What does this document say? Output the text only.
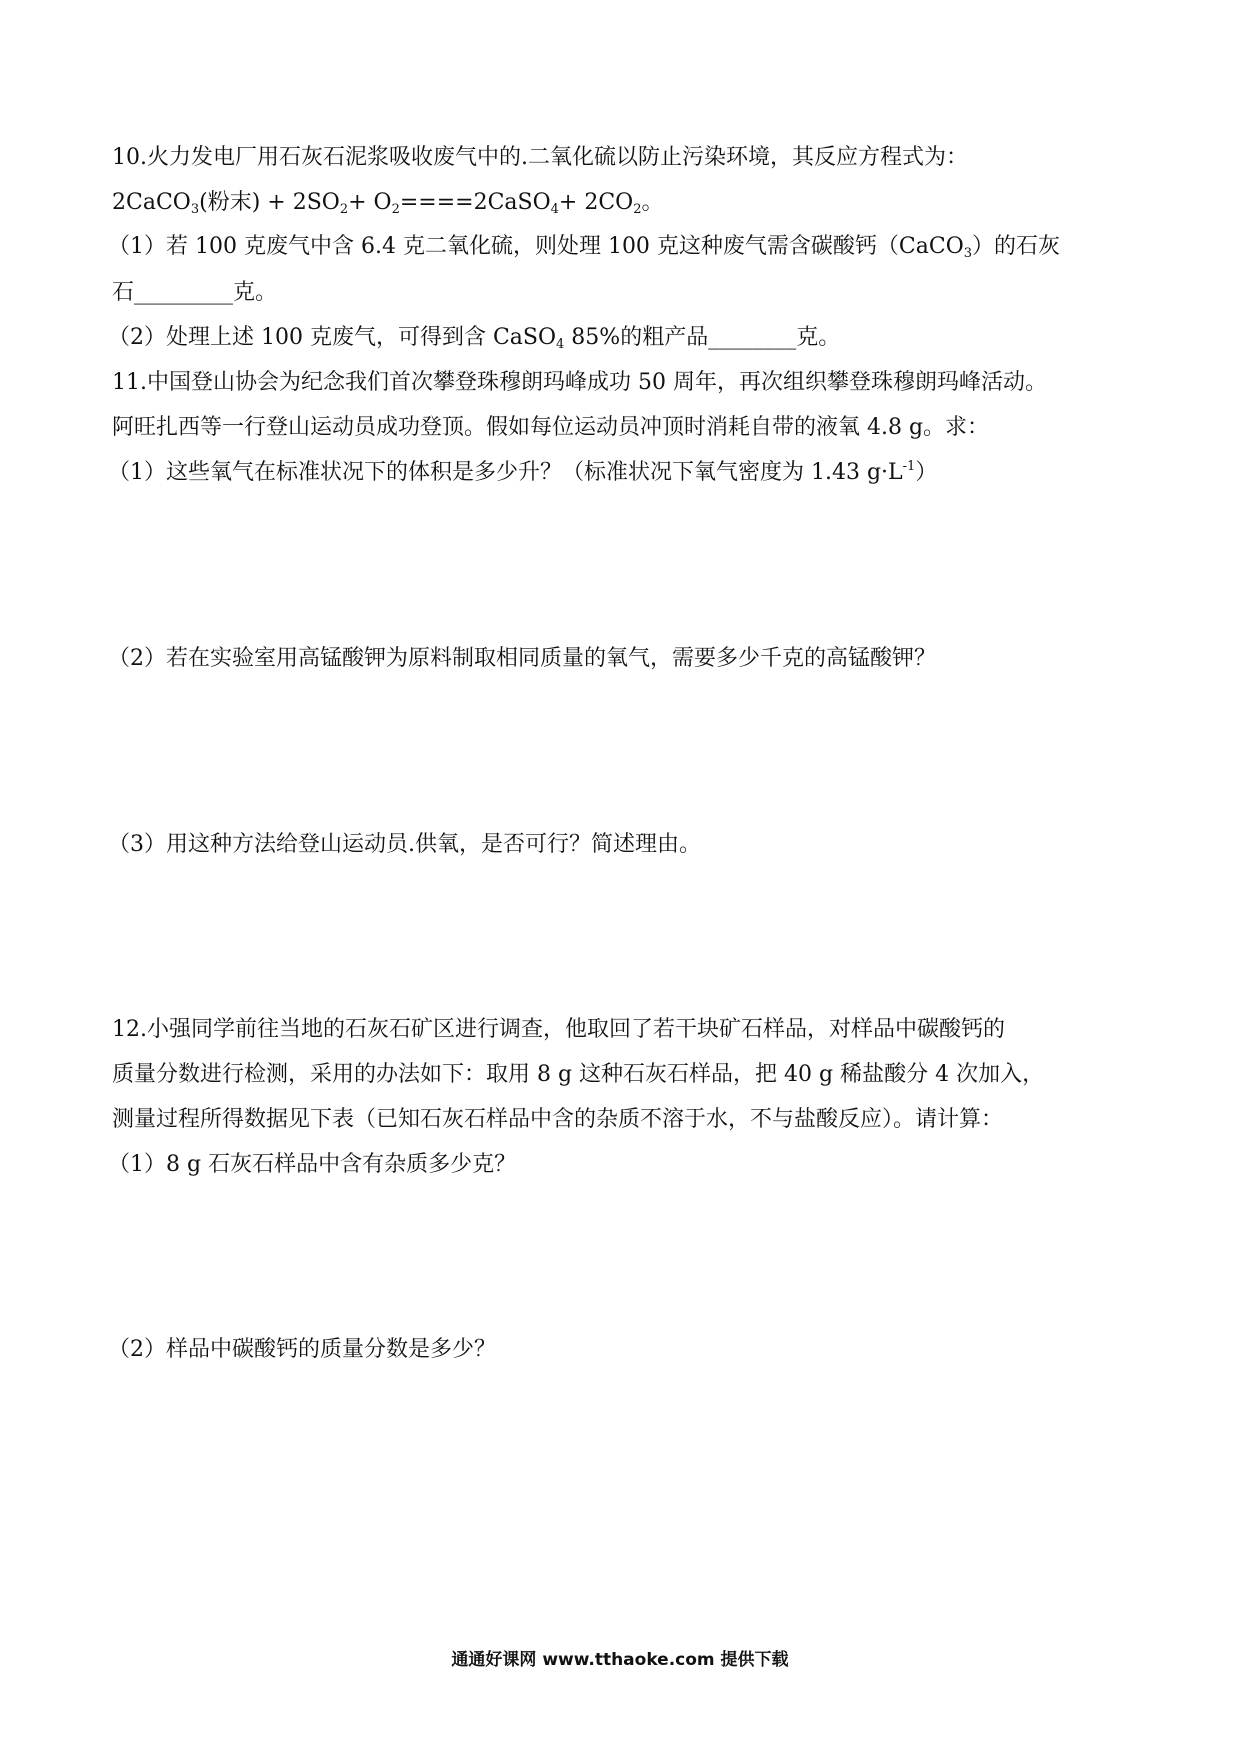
10.火力发电厂用石灰石泥浆吸收废气中的.二氧化硫以防止污染环境，其反应方程式为：
2CaCO$_3$(粉末) + $2SO_2+$ $O_2====2CaSO_4+ 2CO_2$。
（1）若 100 克废气中含 6.4 克二氧化硫，则处理 100 克这种废气需含碳酸钙（CaCO$_3$）的石灰
石_________克。
（2）处理上述 100 克废气，可得到含 CaSO$_4$ 85%的粗产品________克。
11.中国登山协会为纪念我们首次攀登珠穆朗玛峰成功 50 周年，再次组织攀登珠穆朗玛峰活动。
阿旺扎西等一行登山运动员成功登顶。假如每位运动员冲顶时消耗自带的液氧 4.8 g。求：
（1）这些氧气在标准状况下的体积是多少升？（标准状况下氧气密度为 1.43 $g\cdot L^{-1}$）
（2）若在实验室用高锰酸钾为原料制取相同质量的氧气，需要多少千克的高锰酸钾？
（3）用这种方法给登山运动员.供氧，是否可行？简述理由。
12.小强同学前往当地的石灰石矿区进行调查，他取回了若干块矿石样品，对样品中碳酸钙的
质量分数进行检测，采用的办法如下：取用 8 g 这种石灰石样品，把 40 g 稀盐酸分 4 次加入，
测量过程所得数据见下表（已知石灰石样品中含的杂质不溶于水，不与盐酸反应）。请计算：
（1）8 g 石灰石样品中含有杂质多少克？
（2）样品中碳酸钙的质量分数是多少？
通通好课网 www.tthaoke.com 提供下载
